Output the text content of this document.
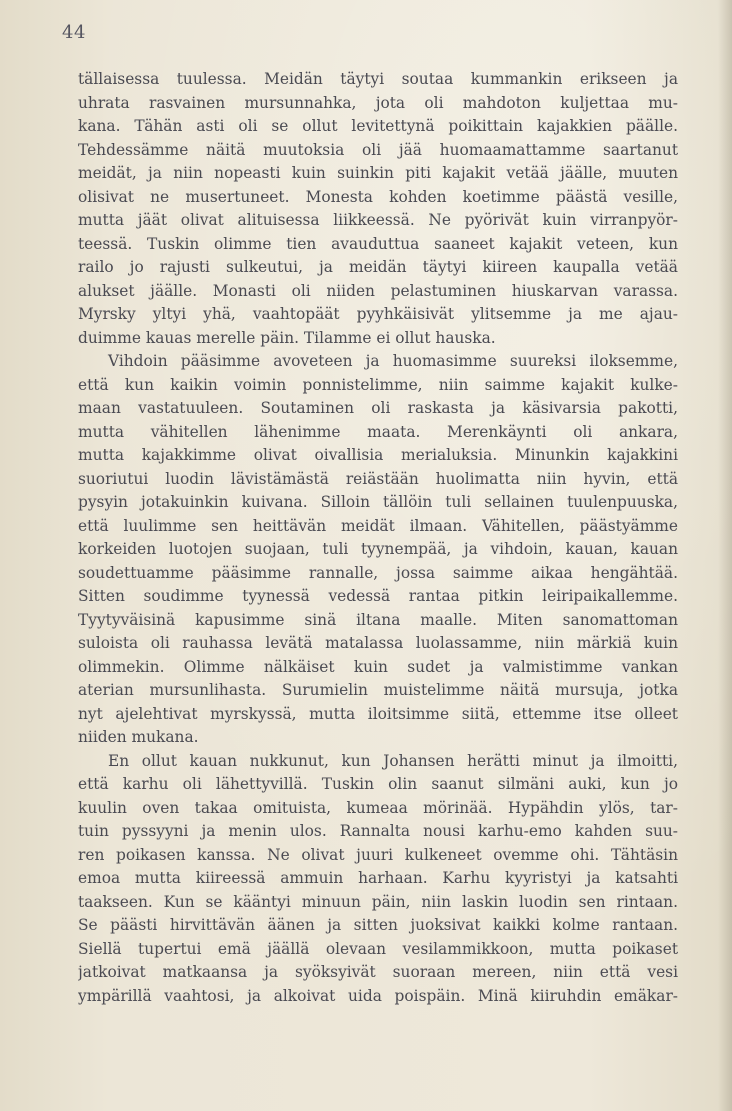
44
tällaisessa tuulessa. Meidän täytyi soutaa kummankin erikseen ja
uhrata rasvainen mursunnahka, jota oli mahdoton kuljettaa mu-
kana. Tähän asti oli se ollut levitettynä poikittain kajakkien päälle.
Tehdessämme näitä muutoksia oli jää huomaamattamme saartanut
meidät, ja niin nopeasti kuin suinkin piti kajakit vetää jäälle, muuten
olisivat ne musertuneet. Monesta kohden koetimme päästä vesille,
mutta jäät olivat alituisessa liikkeessä. Ne pyörivät kuin virranpyör-
teessä. Tuskin olimme tien avauduttua saaneet kajakit veteen, kun
railo jo rajusti sulkeutui, ja meidän täytyi kiireen kaupalla vetää
alukset jäälle. Monasti oli niiden pelastuminen hiuskarvan varassa.
Myrsky yltyi yhä, vaahtopäät pyyhkäisivät ylitsemme ja me ajau-
duimme kauas merelle päin. Tilamme ei ollut hauska.
Vihdoin pääsimme avoveteen ja huomasimme suureksi iloksemme,
että kun kaikin voimin ponnistelimme, niin saimme kajakit kulke-
maan vastatuuleen. Soutaminen oli raskasta ja käsivarsia pakotti,
mutta vähitellen lähenimme maata. Merenkäynti oli ankara,
mutta kajakkimme olivat oivallisia merialuksia. Minunkin kajakkini
suoriutui luodin lävistämästä reiästään huolimatta niin hyvin, että
pysyin jotakuinkin kuivana. Silloin tällöin tuli sellainen tuulenpuuska,
että luulimme sen heittävän meidät ilmaan. Vähitellen, päästyämme
korkeiden luotojen suojaan, tuli tyynempää, ja vihdoin, kauan, kauan
soudettuamme pääsimme rannalle, jossa saimme aikaa hengähtää.
Sitten soudimme tyynessä vedessä rantaa pitkin leiripaikallemme.
Tyytyväisinä kapusimme sinä iltana maalle. Miten sanomattoman
suloista oli rauhassa levätä matalassa luolassamme, niin märkiä kuin
olimmekin. Olimme nälkäiset kuin sudet ja valmistimme vankan
aterian mursunlihasta. Surumielin muistelimme näitä mursuja, jotka
nyt ajelehtivat myrskyssä, mutta iloitsimme siitä, ettemme itse olleet
niiden mukana.
En ollut kauan nukkunut, kun Johansen herätti minut ja ilmoitti,
että karhu oli lähettyvillä. Tuskin olin saanut silmäni auki, kun jo
kuulin oven takaa omituista, kumeaa mörinää. Hypähdin ylös, tar-
tuin pyssyyni ja menin ulos. Rannalta nousi karhu-emo kahden suu-
ren poikasen kanssa. Ne olivat juuri kulkeneet ovemme ohi. Tähtäsin
emoa mutta kiireessä ammuin harhaan. Karhu kyyristyi ja katsahti
taakseen. Kun se kääntyi minuun päin, niin laskin luodin sen rintaan.
Se päästi hirvittävän äänen ja sitten juoksivat kaikki kolme rantaan.
Siellä tupertui emä jäällä olevaan vesilammikkoon, mutta poikaset
jatkoivat matkaansa ja syöksyivät suoraan mereen, niin että vesi
ympärillä vaahtosi, ja alkoivat uida poispäin. Minä kiiruhdin emäkar-
